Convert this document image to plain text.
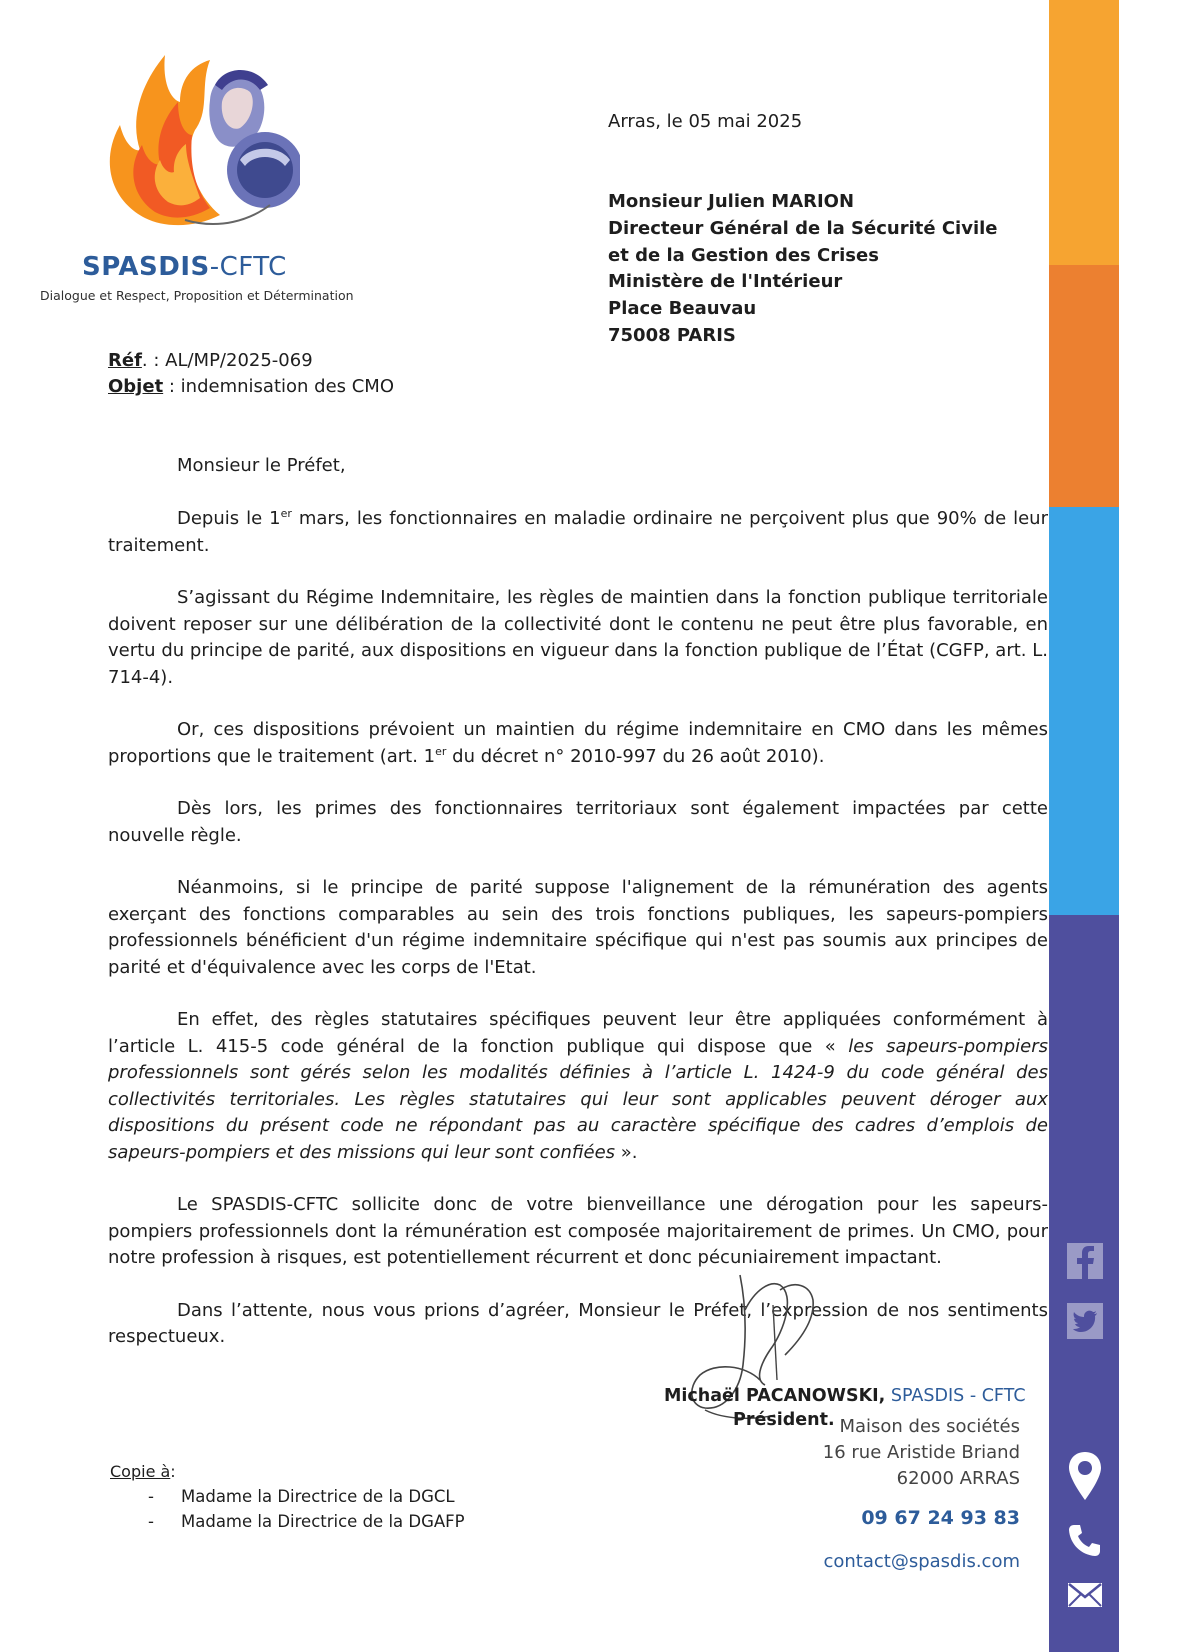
SPASDIS-CFTC
Dialogue et Respect, Proposition et Détermination
Arras, le 05 mai 2025
Monsieur Julien MARION
Directeur Général de la Sécurité Civile
et de la Gestion des Crises
Ministère de l'Intérieur
Place Beauvau
75008 PARIS
Réf. : AL/MP/2025-069
Objet : indemnisation des CMO
Monsieur le Préfet,

Depuis le 1er mars, les fonctionnaires en maladie ordinaire ne perçoivent plus que 90% de leur traitement.

S’agissant du Régime Indemnitaire, les règles de maintien dans la fonction publique territoriale doivent reposer sur une délibération de la collectivité dont le contenu ne peut être plus favorable, en vertu du principe de parité, aux dispositions en vigueur dans la fonction publique de l’État (CGFP, art. L. 714-4).

Or, ces dispositions prévoient un maintien du régime indemnitaire en CMO dans les mêmes proportions que le traitement (art. 1er du décret n° 2010-997 du 26 août 2010).

Dès lors, les primes des fonctionnaires territoriaux sont également impactées par cette nouvelle règle.

Néanmoins, si le principe de parité suppose l'alignement de la rémunération des agents exerçant des fonctions comparables au sein des trois fonctions publiques, les sapeurs-pompiers professionnels bénéficient d'un régime indemnitaire spécifique qui n'est pas soumis aux principes de parité et d'équivalence avec les corps de l'Etat.

En effet, des règles statutaires spécifiques peuvent leur être appliquées conformément à l’article L. 415-5 code général de la fonction publique qui dispose que « les sapeurs-pompiers professionnels sont gérés selon les modalités définies à l’article L. 1424-9 du code général des collectivités territoriales. Les règles statutaires qui leur sont applicables peuvent déroger aux dispositions du présent code ne répondant pas au caractère spécifique des cadres d’emplois de sapeurs-pompiers et des missions qui leur sont confiées ».

Le SPASDIS-CFTC sollicite donc de votre bienveillance une dérogation pour les sapeurs-pompiers professionnels dont la rémunération est composée majoritairement de primes. Un CMO, pour notre profession à risques, est potentiellement récurrent et donc pécuniairement impactant.

Dans l’attente, nous vous prions d’agréer, Monsieur le Préfet, l’expression de nos sentiments respectueux.

Michaël PACANOWSKI, SPASDIS - CFTC
Président. Maison des sociétés
16 rue Aristide Briand
62000 ARRAS
09 67 24 93 83
contact@spasdis.com
Copie à:
- Madame la Directrice de la DGCL
- Madame la Directrice de la DGAFP
